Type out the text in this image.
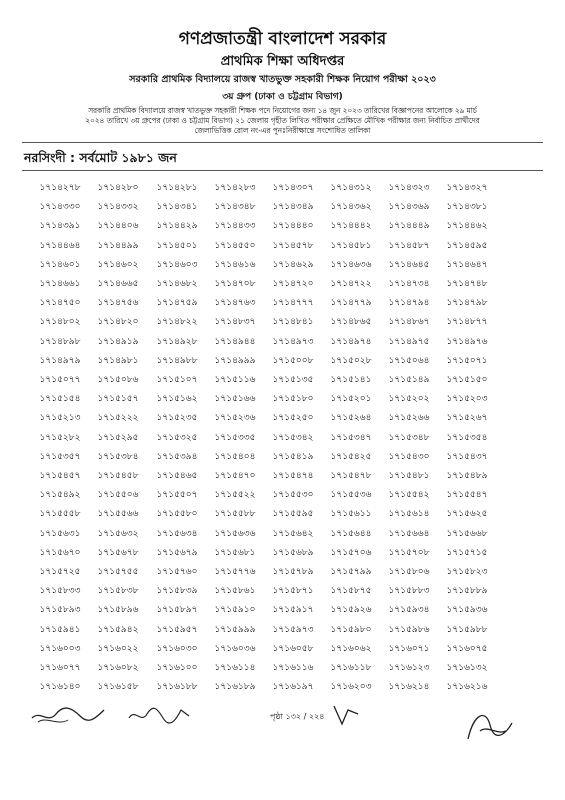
গণপ্রজাতন্ত্রী বাংলাদেশ সরকার
প্রাথমিক শিক্ষা অধিদপ্তর
সরকারি প্রাথমিক বিদ্যালয়ে রাজস্ব খাতভুক্ত সহকারী শিক্ষক নিয়োগ পরীক্ষা ২০২৩
৩য় গ্রুপ (ঢাকা ও চট্টগ্রাম বিভাগ)
সরকারি প্রাথমিক বিদ্যালয়ে রাজস্ব খাতভুক্ত সহকারী শিক্ষক পদে নিয়োগের জন্য ১৪ জুন ২০২৩ তারিখের বিজ্ঞাপনের আলোকে ২৯ মার্চ
২০২৪ তারিখে ৩য় গ্রুপের (ঢাকা ও চট্টগ্রাম বিভাগ) ২১ জেলায় গৃহীত লিখিত পরীক্ষার প্রেক্ষিতে মৌখিক পরীক্ষার জন্য নির্বাচিত প্রার্থীদের
জেলাভিত্তিক রোল নং-এর পুনঃনিরীক্ষান্তে সংশোধিত তালিকা
নরসিংদী : সর্বমোট ১৯৮১ জন
১৭১৪২৭৮	১৭১৪২৮০	১৭১৪২৮১	১৭১৪২৮৩	১৭১৪৩০৭	১৭১৪৩১২	১৭১৪৩২৩	১৭১৪৩২৭
১৭১৪৩৩০	১৭১৪৩৩২	১৭১৪৩৪১	১৭১৪৩৪৮	১৭১৪৩৪৯	১৭১৪৩৬২	১৭১৪৩৬৯	১৭১৪৩৮১
১৭১৪৩৯১	১৭১৪৪০৬	১৭১৪৪২৯	১৭১৪৪৩৩	১৭১৪৪৪০	১৭১৪৪৪২	১৭১৪৪৪৯	১৭১৪৪৬২
১৭১৪৪৬৪	১৭১৪৪৯৯	১৭১৪৫০১	১৭১৪৫৫০	১৭১৪৫৭৮	১৭১৪৫৮১	১৭১৪৫৮৭	১৭১৪৫৯৫
১৭১৪৬০১	১৭১৪৬০২	১৭১৪৬০৩	১৭১৪৬১৬	১৭১৪৬২৯	১৭১৪৬৩৬	১৭১৪৬৪৫	১৭১৪৬৪৭
১৭১৪৬৬১	১৭১৪৬৬৫	১৭১৪৬৮২	১৭১৪৭০৮	১৭১৪৭২০	১৭১৪৭২২	১৭১৪৭৩৪	১৭১৪৭৪৮
১৭১৪৭৫০	১৭১৪৭৫৬	১৭১৪৭৫৯	১৭১৪৭৬৩	১৭১৪৭৭৭	১৭১৪৭৭৯	১৭১৪৭৯৪	১৭১৪৭৯৮
১৭১৪৮০২	১৭১৪৮২০	১৭১৪৮২২	১৭১৪৮৩৭	১৭১৪৮৪১	১৭১৪৮৬৫	১৭১৪৮৬৭	১৭১৪৮৭৭
১৭১৪৮৯৮	১৭১৪৯১৯	১৭১৪৯২৮	১৭১৪৯৪৪	১৭১৪৯৭৩	১৭১৪৯৭৪	১৭১৪৯৭৫	১৭১৪৯৭৬
১৭১৪৯৭৯	১৭১৪৯৮১	১৭১৪৯৮৮	১৭১৪৯৯৯	১৭১৫০০৮	১৭১৫০২৮	১৭১৫০৬৪	১৭১৫০৭১
১৭১৫০৭৭	১৭১৫০৮৬	১৭১৫১০৭	১৭১৫১১৬	১৭১৫১৩৫	১৭১৫১৪১	১৭১৫১৪৯	১৭১৫১৫০
১৭১৫১৫৪	১৭১৫১৫৭	১৭১৫১৬২	১৭১৫১৬৬	১৭১৫১৮০	১৭১৫২০১	১৭১৫২০২	১৭১৫২০৩
১৭১৫২১৩	১৭১৫২২২	১৭১৫২৩৫	১৭১৫২৩৬	১৭১৫২৫০	১৭১৫২৬৪	১৭১৫২৬৬	১৭১৫২৬৭
১৭১৫২৮২	১৭১৫২৯৫	১৭১৫৩২৫	১৭১৫৩৩৫	১৭১৫৩৪২	১৭১৫৩৪৭	১৭১৫৩৪৮	১৭১৫৩৫৪
১৭১৫৩৫৭	১৭১৫৩৮৪	১৭১৫৩৯৪	১৭১৫৪০৪	১৭১৫৪১৯	১৭১৫৪২৫	১৭১৫৪৩০	১৭১৫৪৩৭
১৭১৫৪৫৭	১৭১৫৪৫৮	১৭১৫৪৬৫	১৭১৫৪৭০	১৭১৫৪৭৪	১৭১৫৪৭৮	১৭১৫৪৮১	১৭১৫৪৮৯
১৭১৫৪৯২	১৭১৫৫০৬	১৭১৫৫০৭	১৭১৫৫২২	১৭১৫৫৩০	১৭১৫৫৩৬	১৭১৫৫৪২	১৭১৫৫৪৭
১৭১৫৫৫৮	১৭১৫৫৬৬	১৭১৫৫৮০	১৭১৫৫৮৮	১৭১৫৫৯৫	১৭১৫৬১১	১৭১৫৬১৪	১৭১৫৬২৫
১৭১৫৬৩১	১৭১৫৬৩২	১৭১৫৬৩৪	১৭১৫৬৩৬	১৭১৫৬৪২	১৭১৫৬৪৪	১৭১৫৬৬৪	১৭১৫৬৬৮
১৭১৫৬৭০	১৭১৫৬৭৮	১৭১৫৬৭৯	১৭১৫৬৮১	১৭১৫৬৮৯	১৭১৫৭০৬	১৭১৫৭০৮	১৭১৫৭১৫
১৭১৫৭২৫	১৭১৫৭৫৫	১৭১৫৭৬০	১৭১৫৭৭৬	১৭১৫৭৮৯	১৭১৫৭৯৯	১৭১৫৮০৬	১৭১৫৮২৩
১৭১৫৮৩৩	১৭১৫৮৩৮	১৭১৫৮৩৯	১৭১৫৮৬১	১৭১৫৮৭১	১৭১৫৮৭৫	১৭১৫৮৮৩	১৭১৫৮৮৯
১৭১৫৮৯৩	১৭১৫৮৯৬	১৭১৫৮৯৭	১৭১৫৯১০	১৭১৫৯১৭	১৭১৫৯২৬	১৭১৫৯৩৪	১৭১৫৯৩৬
১৭১৫৯৪১	১৭১৫৯৪২	১৭১৫৯৫৭	১৭১৫৯৯৯	১৭১৫৯৭৩	১৭১৫৯৮০	১৭১৫৯৮৬	১৭১৫৯৮৮
১৭১৬০০৩	১৭১৬০২২	১৭১৬০৩০	১৭১৬০৩৬	১৭১৬০৫৮	১৭১৬০৬২	১৭১৬০৭১	১৭১৬০৭৫
১৭১৬০৭৭	১৭১৬০৮২	১৭১৬১০০	১৭১৬১১৪	১৭১৬১১৬	১৭১৬১১৮	১৭১৬১২৩	১৭১৬১৩২
১৭১৬১৪০	১৭১৬১৫৮	১৭১৬১৮৮	১৭১৬১৮৯	১৭১৬১৯৭	১৭১৬২০৩	১৭১৬২১৪	১৭১৬২১৬
পৃষ্ঠা ১৩২ / ২২৪
